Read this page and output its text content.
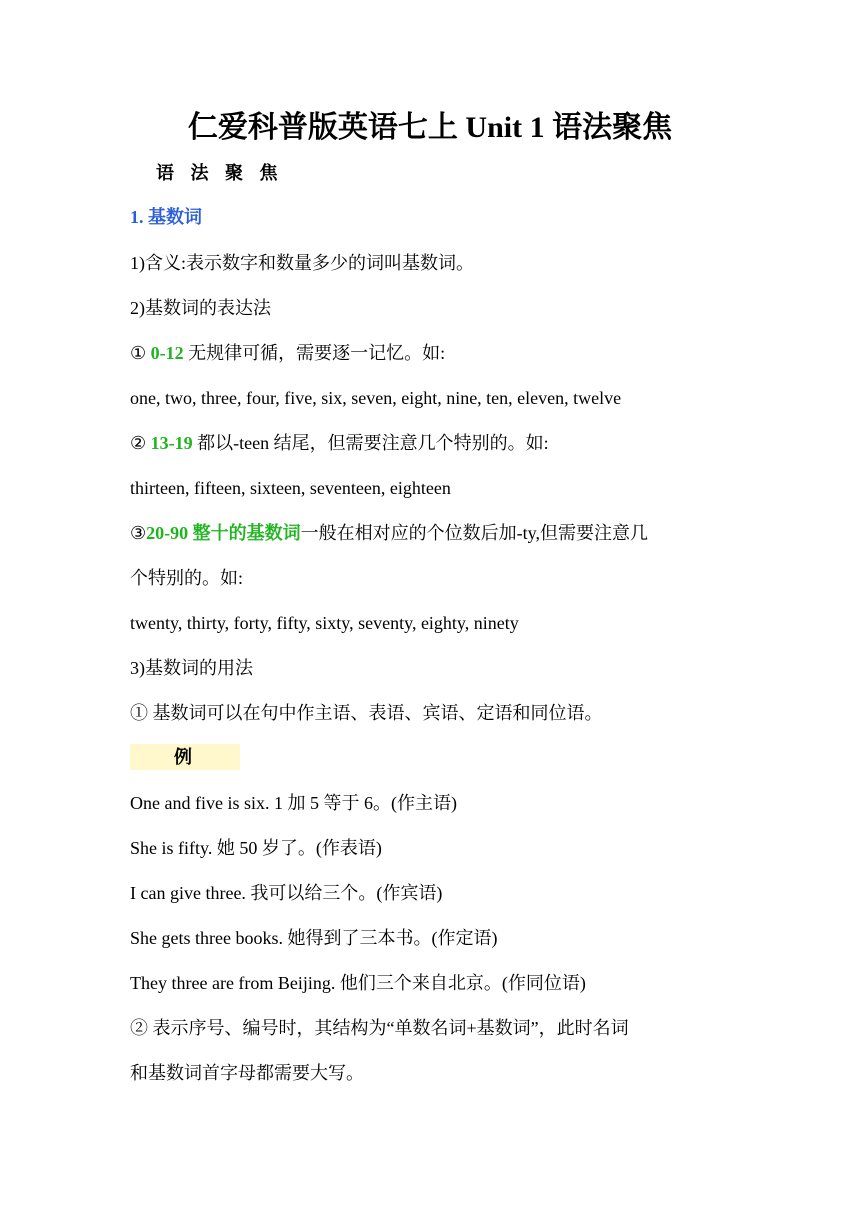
仁爱科普版英语七上 Unit 1 语法聚焦
语 法 聚 焦
1. 基数词
1)含义:表示数字和数量多少的词叫基数词。
2)基数词的表达法
① 0-12 无规律可循，需要逐一记忆。如:
one, two, three, four, five, six, seven, eight, nine, ten, eleven, twelve
② 13-19 都以-teen 结尾，但需要注意几个特别的。如:
thirteen, fifteen, sixteen, seventeen, eighteen
③20-90 整十的基数词一般在相对应的个位数后加-ty,但需要注意几
个特别的。如:
twenty, thirty, forty, fifty, sixty, seventy, eighty, ninety
3)基数词的用法
① 基数词可以在句中作主语、表语、宾语、定语和同位语。
例
One and five is six. 1 加 5 等于 6。(作主语)
She is fifty. 她 50 岁了。(作表语)
I can give three. 我可以给三个。(作宾语)
She gets three books. 她得到了三本书。(作定语)
They three are from Beijing. 他们三个来自北京。(作同位语)
② 表示序号、编号时，其结构为“单数名词+基数词”，此时名词
和基数词首字母都需要大写。
